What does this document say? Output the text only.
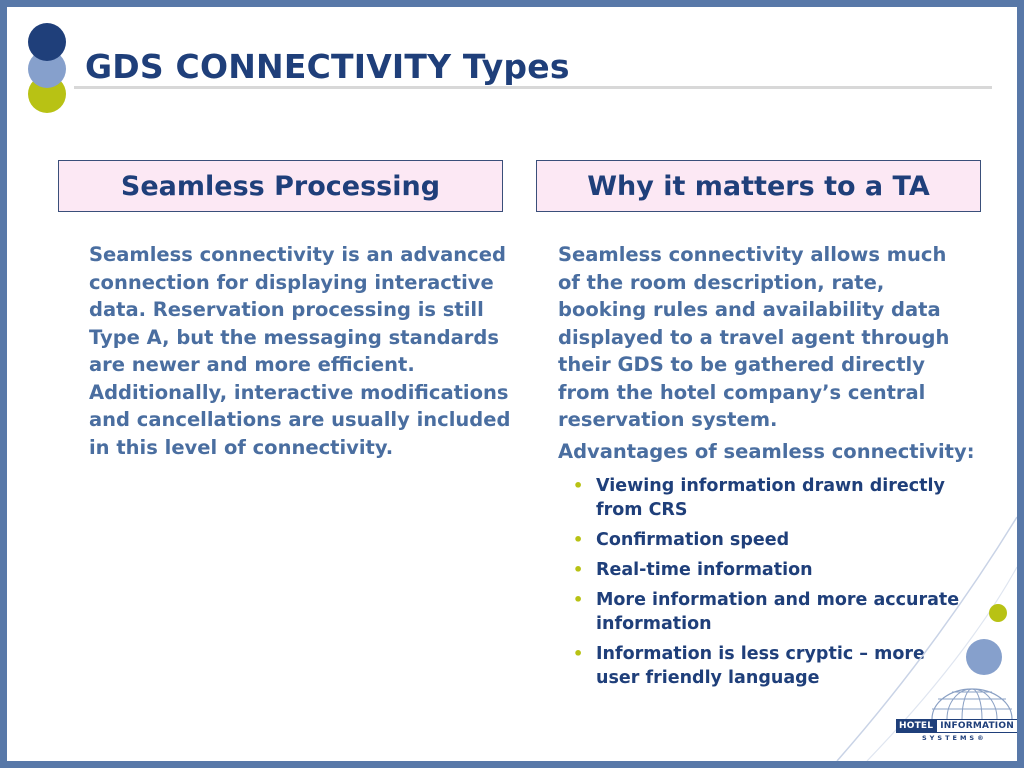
GDS CONNECTIVITY Types
Seamless Processing	Why it matters to a TA
Seamless connectivity is an advanced connection for displaying interactive data. Reservation processing is still Type A, but the messaging standards are newer and more efficient. Additionally, interactive modifications and cancellations are usually included in this level of connectivity.
Seamless connectivity allows much of the room description, rate, booking rules and availability data displayed to a travel agent through their GDS to be gathered directly from the hotel company’s central reservation system.
Advantages of seamless connectivity:
• Viewing information drawn directly from CRS
• Confirmation speed
• Real-time information
• More information and more accurate information
• Information is less cryptic – more user friendly language
HOTEL INFORMATION
SYSTEMS®
